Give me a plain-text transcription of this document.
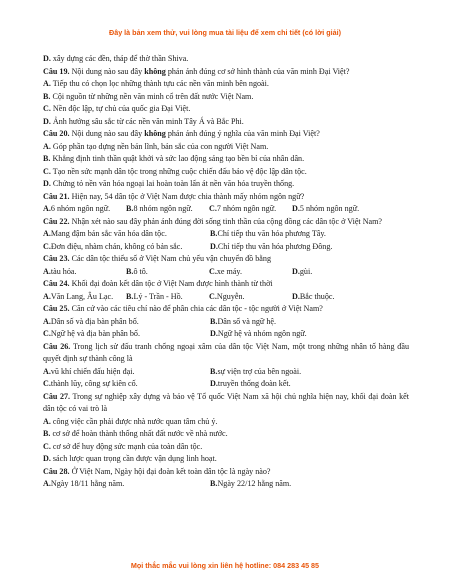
Đây là bản xem thử, vui lòng mua tài liệu để xem chi tiết (có lời giải)
D. xây dựng các đền, tháp để thờ thần Shiva.
Câu 19. Nội dung nào sau đây không phản ánh đúng cơ sở hình thành của văn minh Đại Việt?
A. Tiếp thu có chọn lọc những thành tựu các nền văn minh bên ngoài.
B. Cội nguồn từ những nền văn minh cổ trên đất nước Việt Nam.
C. Nền độc lập, tự chủ của quốc gia Đại Việt.
D. Ảnh hưởng sâu sắc từ các nền văn minh Tây Á và Bắc Phi.
Câu 20. Nội dung nào sau đây không phản ánh đúng ý nghĩa của văn minh Đại Việt?
A. Góp phần tạo dựng nền bản lĩnh, bản sắc của con người Việt Nam.
B. Khẳng định tinh thần quật khởi và sức lao động sáng tạo bền bỉ của nhân dân.
C. Tạo nền sức mạnh dân tộc trong những cuộc chiến đấu bảo vệ độc lập dân tộc.
D. Chứng tỏ nền văn hóa ngoại lai hoàn toàn lấn át nền văn hóa truyền thống.
Câu 21. Hiện nay, 54 dân tộc ở Việt Nam được chia thành mấy nhóm ngôn ngữ?
A.6 nhóm ngôn ngữ.	B.8 nhóm ngôn ngữ.	C.7 nhóm ngôn ngữ.	D.5 nhóm ngôn ngữ.
Câu 22. Nhận xét nào sau đây phản ánh đúng đời sống tinh thần của cộng đồng các dân tộc ở Việt Nam?
A.Mang đậm bản sắc văn hóa dân tộc.	B.Chỉ tiếp thu văn hóa phương Tây.
C.Đơn điệu, nhàm chán, không có bản sắc.	D.Chỉ tiếp thu văn hóa phương Đông.
Câu 23. Các dân tộc thiểu số ở Việt Nam chủ yếu vận chuyển đồ bằng
A.tàu hỏa.	B.ô tô.	C.xe máy.	D.gùi.
Câu 24. Khối đại đoàn kết dân tộc ở Việt Nam được hình thành từ thời
A.Văn Lang, Âu Lạc.	B.Lý - Trần - Hồ.	C.Nguyễn.	D.Bắc thuộc.
Câu 25. Căn cứ vào các tiêu chí nào để phân chia các dân tộc - tộc người ở Việt Nam?
A.Dân số và địa bàn phân bố.	B.Dân số và ngữ hệ.
C.Ngữ hệ và địa bàn phân bố.	D.Ngữ hệ và nhóm ngôn ngữ.
Câu 26. Trong lịch sử đấu tranh chống ngoại xâm của dân tộc Việt Nam, một trong những nhân tố hàng đầu quyết định sự thành công là
A.vũ khí chiến đấu hiện đại.	B.sự viện trợ của bên ngoài.
C.thành lũy, công sự kiên cố.	D.truyền thống đoàn kết.
Câu 27. Trong sự nghiệp xây dựng và bảo vệ Tổ quốc Việt Nam xã hội chủ nghĩa hiện nay, khối đại đoàn kết dân tộc có vai trò là
A. công việc cần phải được nhà nước quan tâm chủ ý.
B. cơ sở để hoàn thành thống nhất đất nước về nhà nước.
C. cơ sở để huy động sức mạnh của toàn dân tộc.
D. sách lược quan trọng cần được vận dụng linh hoạt.
Câu 28. Ở Việt Nam, Ngày hội đại đoàn kết toàn dân tộc là ngày nào?
A.Ngày 18/11 hằng năm.	B.Ngày 22/12 hằng năm.
Mọi thắc mắc vui lòng xin liên hệ hotline: 084 283 45 85
